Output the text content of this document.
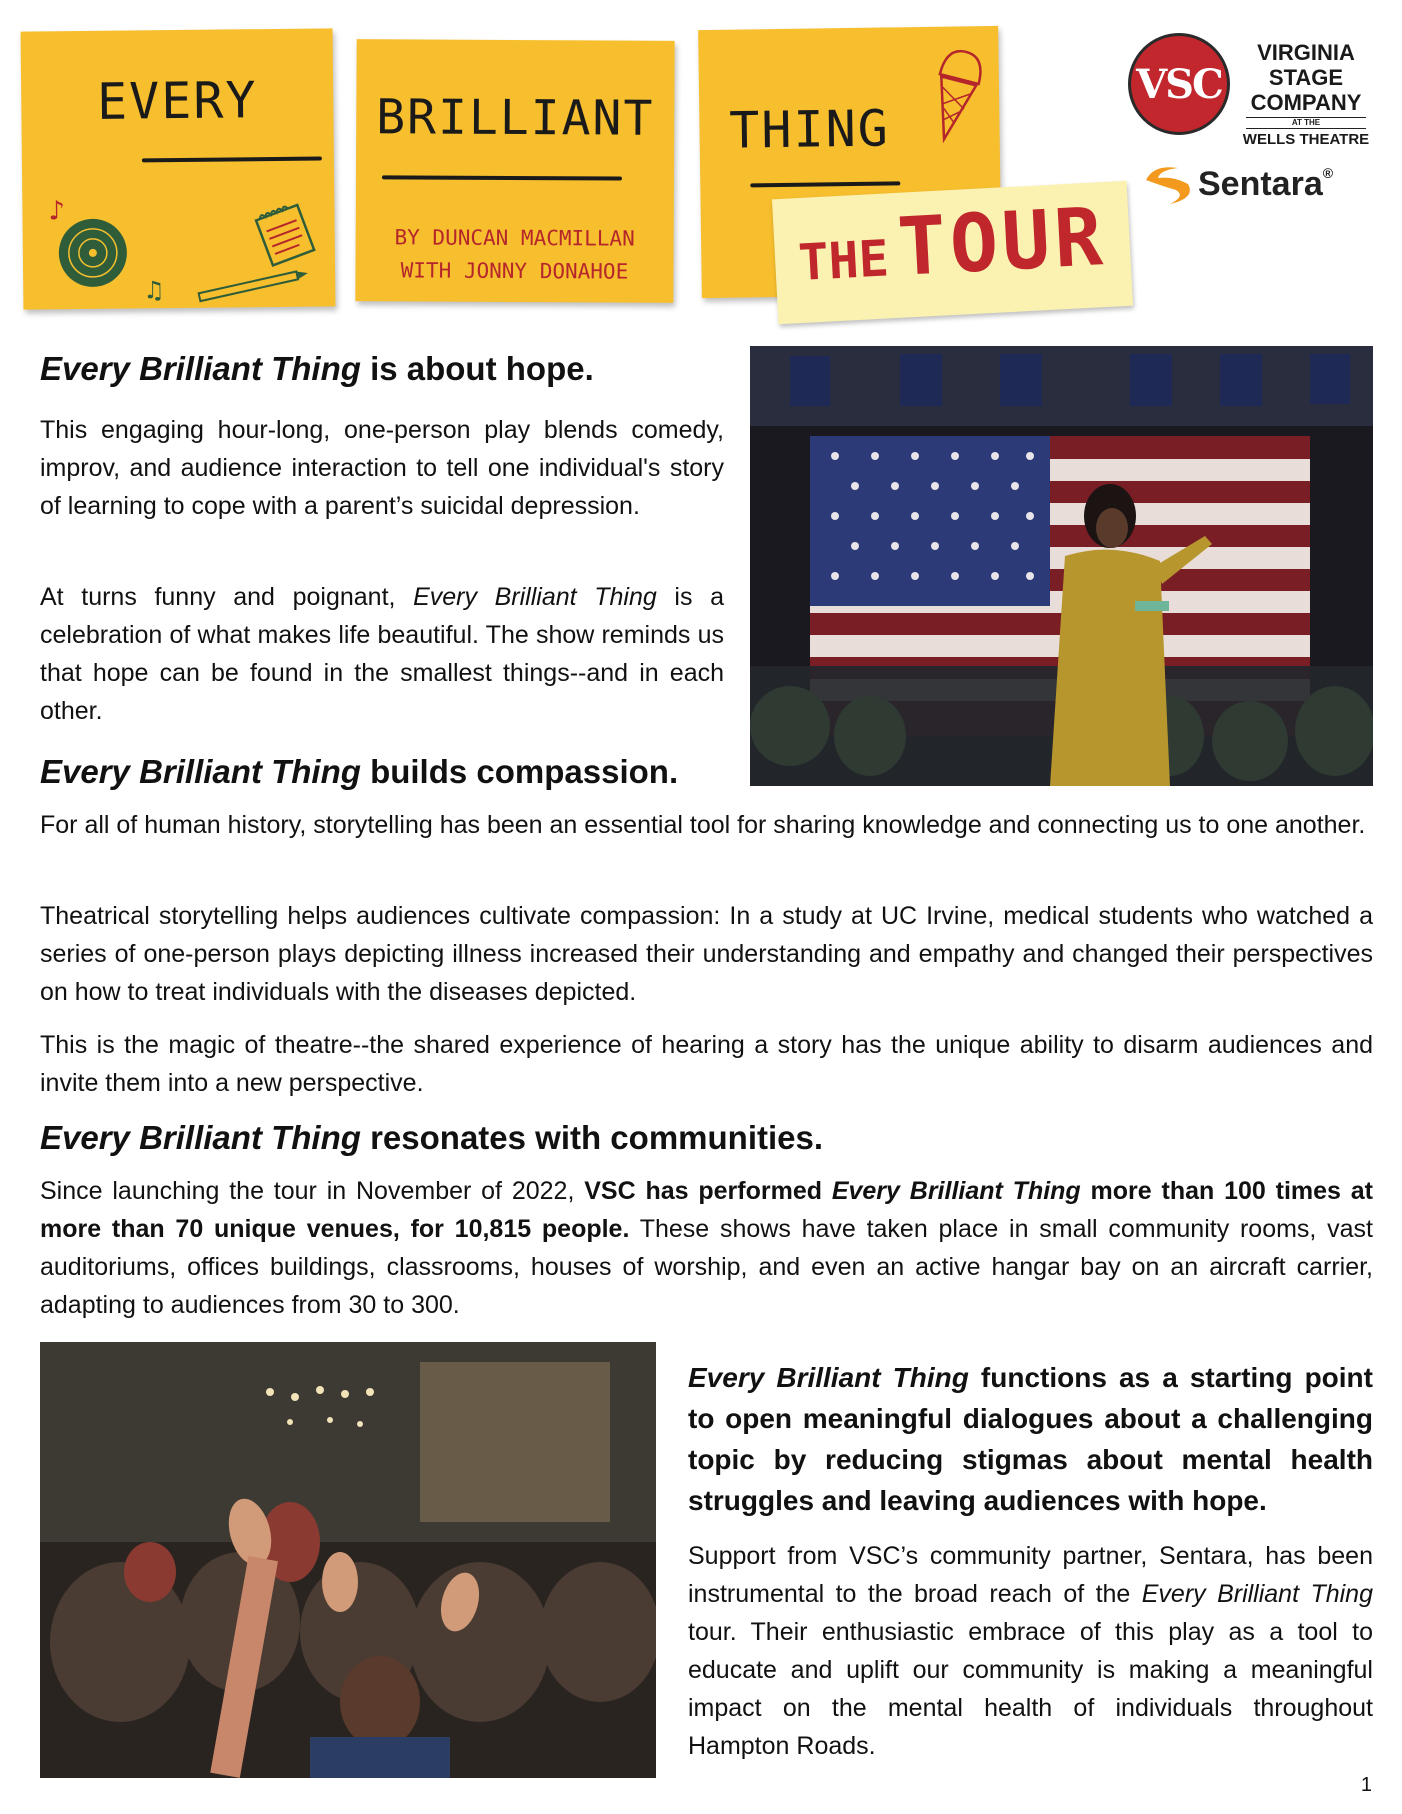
EVERY
♪
♫
BRILLIANT
BY DUNCAN MACMILLAN
WITH JONNY DONAHOE
THING
THE TOUR
VSC
VIRGINIA
STAGE
COMPANY
AT THE
WELLS THEATRE
Sentara®
Every Brilliant Thing is about hope.

This engaging hour-long, one-person play blends comedy, improv, and audience interaction to tell one individual's story of learning to cope with a parent’s suicidal depression.

At turns funny and poignant, Every Brilliant Thing is a celebration of what makes life beautiful. The show reminds us that hope can be found in the smallest things--and in each other.

Every Brilliant Thing builds compassion.

For all of human history, storytelling has been an essential tool for sharing knowledge and connecting us to one another.

Theatrical storytelling helps audiences cultivate compassion: In a study at UC Irvine, medical students who watched a series of one-person plays depicting illness increased their understanding and empathy and changed their perspectives on how to treat individuals with the diseases depicted.

This is the magic of theatre--the shared experience of hearing a story has the unique ability to disarm audiences and invite them into a new perspective.

Every Brilliant Thing resonates with communities.

Since launching the tour in November of 2022, VSC has performed Every Brilliant Thing more than 100 times at more than 70 unique venues, for 10,815 people. These shows have taken place in small community rooms, vast auditoriums, offices buildings, classrooms, houses of worship, and even an active hangar bay on an aircraft carrier, adapting to audiences from 30 to 300.

Every Brilliant Thing functions as a starting point to open meaningful dialogues about a challenging topic by reducing stigmas about mental health struggles and leaving audiences with hope.

Support from VSC’s community partner, Sentara, has been instrumental to the broad reach of the Every Brilliant Thing tour. Their enthusiastic embrace of this play as a tool to educate and uplift our community is making a meaningful impact on the mental health of individuals throughout Hampton Roads.

1
